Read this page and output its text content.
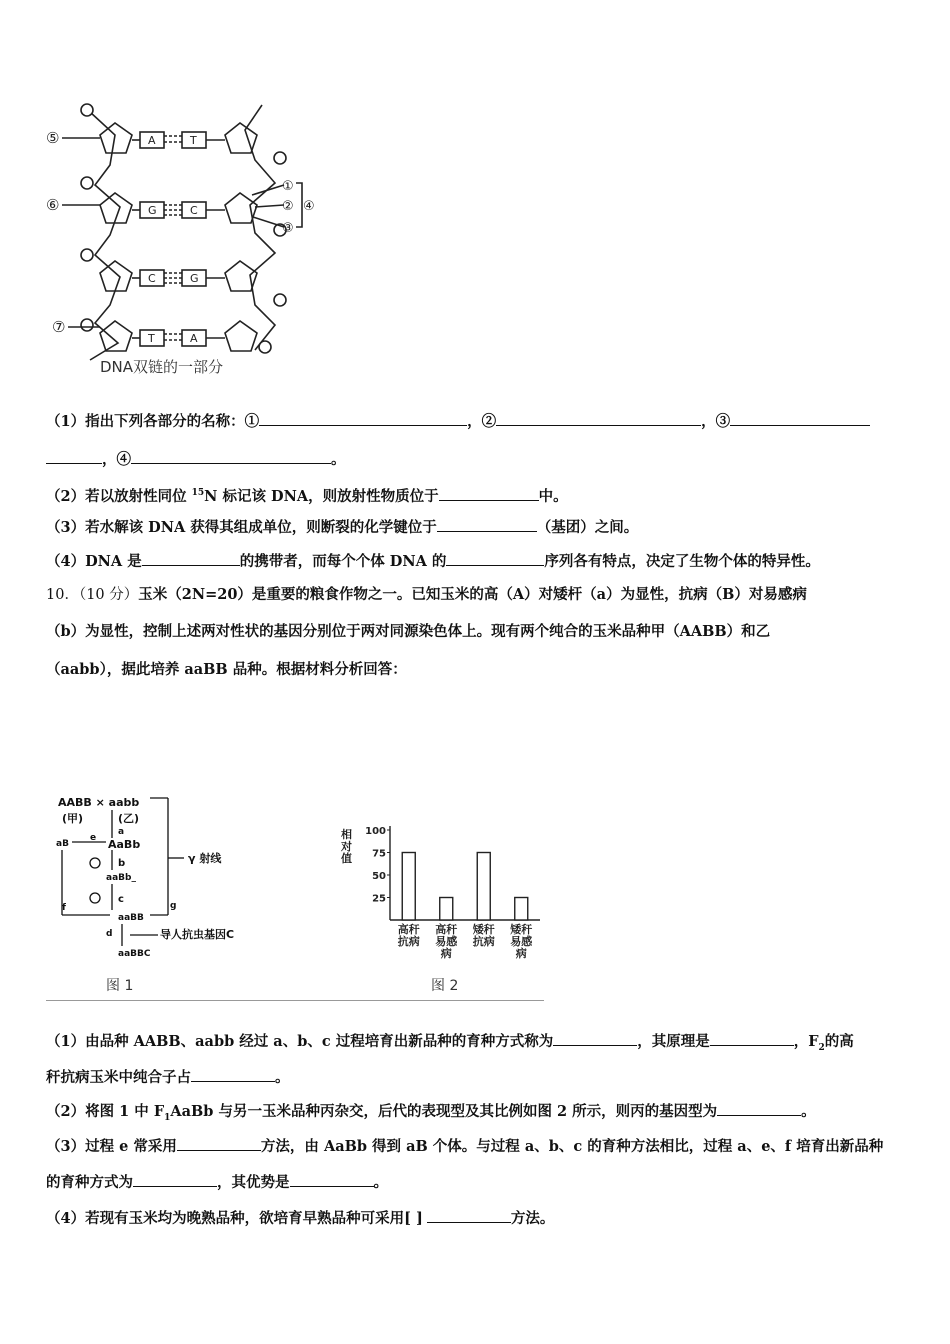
A	T
G	C
C	G
T	A
⑤
⑥
⑦
①
②
③
④
DNA双链的一部分
（1）指出下列各部分的名称：①	，②	，③
，④	。
（2）若以放射性同位 $^{15}$N 标记该 DNA，则放射性物质位于	中。
（3）若水解该 DNA 获得其组成单位，则断裂的化学键位于	（基团）之间。
（4）DNA 是	的携带者，而每个个体 DNA 的	序列各有特点，决定了生物个体的特异性。
10．（10 分）玉米（2N=20）是重要的粮食作物之一。已知玉米的高（A）对矮杆（a）为显性，抗病（B）对易感病
（b）为显性，控制上述两对性状的基因分别位于两对同源染色体上。现有两个纯合的玉米品种甲（AABB）和乙
（aabb），据此培养 aaBB 品种。根据材料分析回答：
AABB × aabb
(甲)	(乙)
AaBb
aB
aaBb_
aaBB
aaBBC
γ 射线
导人抗虫基因C
a
b
c
d
e
f	g
图 1
相
对
值
25
50
75
100
高秆
抗病
高秆
易感
病
矮秆
抗病
矮秆
易感
病
图 2
（1）由品种 AABB、aabb 经过 a、b、c 过程培育出新品种的育种方式称为	，其原理是	，$F_2$的高
秆抗病玉米中纯合子占	。
（2）将图 1 中 $F_1AaBb$ 与另一玉米品种丙杂交，后代的表现型及其比例如图 2 所示，则丙的基因型为	。
（3）过程 e 常采用	方法，由 AaBb 得到 aB 个体。与过程 a、b、c 的育种方法相比，过程 a、e、f 培育出新品种
的育种方式为	，其优势是	。
（4）若现有玉米均为晚熟品种，欲培育早熟品种可采用[ ]	方法。
